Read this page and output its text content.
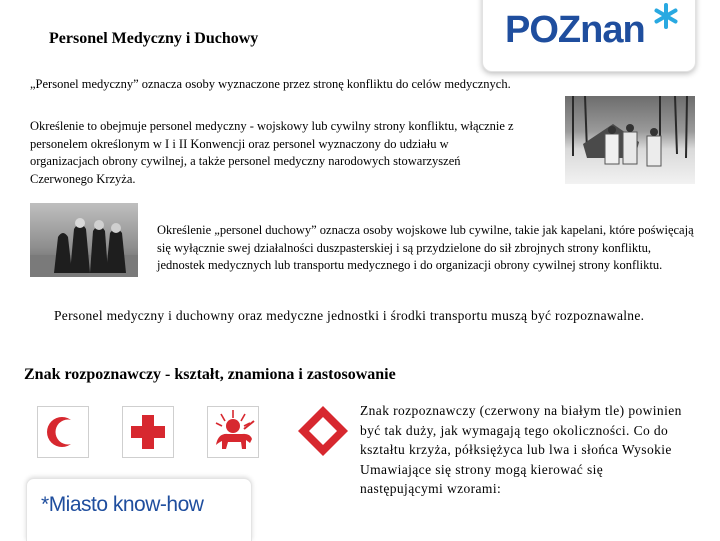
POZnan
Personel Medyczny i Duchowy
„Personel medyczny” oznacza osoby wyznaczone przez stronę konfliktu do celów medycznych.
Określenie to obejmuje personel medyczny - wojskowy lub cywilny strony konfliktu, włącznie z personelem określonym w I i II Konwencji oraz personel wyznaczony do udziału w organizacjach obrony cywilnej, a także personel medyczny narodowych stowarzyszeń Czerwonego Krzyża.
Określenie „personel duchowy” oznacza osoby wojskowe lub cywilne, takie jak kapelani, które poświęcają się wyłącznie swej działalności duszpasterskiej i są przydzielone do sił zbrojnych strony konfliktu, jednostek medycznych lub transportu medycznego i do organizacji obrony cywilnej strony konfliktu.
Personel medyczny i duchowny oraz medyczne jednostki i środki transportu muszą być rozpoznawalne.
Znak rozpoznawczy - kształt, znamiona i zastosowanie
Znak rozpoznawczy (czerwony na białym tle) powinien być tak duży, jak wymagają tego okoliczności. Co do kształtu krzyża, półksiężyca lub lwa i słońca Wysokie Umawiające się strony mogą kierować się następującymi wzorami:
*Miasto know-how
